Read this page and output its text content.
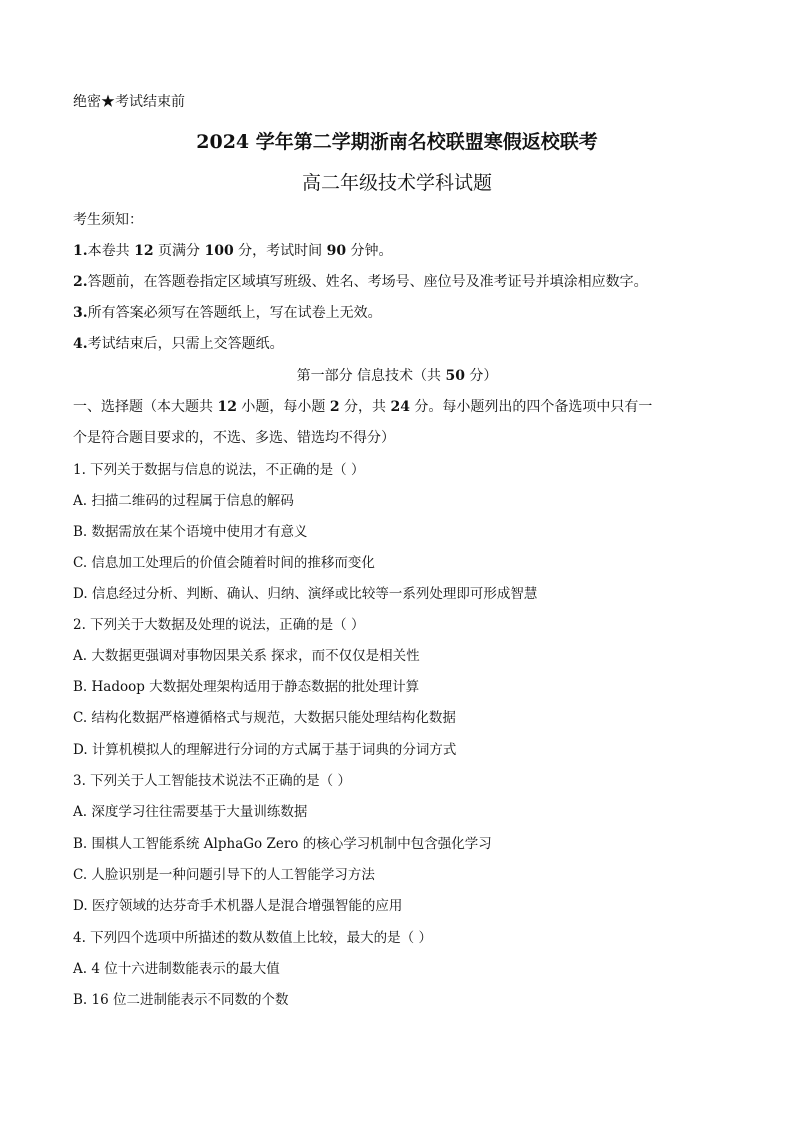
绝密★考试结束前
2024 学年第二学期浙南名校联盟寒假返校联考
高二年级技术学科试题
考生须知：
1.本卷共 12 页满分 100 分，考试时间 90 分钟。
2.答题前，在答题卷指定区域填写班级、姓名、考场号、座位号及准考证号并填涂相应数字。
3.所有答案必须写在答题纸上，写在试卷上无效。
4.考试结束后，只需上交答题纸。
第一部分 信息技术（共 50 分）
一、选择题（本大题共 12 小题，每小题 2 分，共 24 分。每小题列出的四个备选项中只有一
个是符合题目要求的，不选、多选、错选均不得分）
1. 下列关于数据与信息的说法，不正确的是（ ）
A. 扫描二维码的过程属于信息的解码
B. 数据需放在某个语境中使用才有意义
C. 信息加工处理后的价值会随着时间的推移而变化
D. 信息经过分析、判断、确认、归纳、演绎或比较等一系列处理即可形成智慧
2. 下列关于大数据及处理的说法，正确的是（ ）
A. 大数据更强调对事物因果关系 探求，而不仅仅是相关性
B. Hadoop 大数据处理架构适用于静态数据的批处理计算
C. 结构化数据严格遵循格式与规范，大数据只能处理结构化数据
D. 计算机模拟人的理解进行分词的方式属于基于词典的分词方式
3. 下列关于人工智能技术说法不正确的是（ ）
A. 深度学习往往需要基于大量训练数据
B. 围棋人工智能系统 AlphaGo Zero 的核心学习机制中包含强化学习
C. 人脸识别是一种问题引导下的人工智能学习方法
D. 医疗领域的达芬奇手术机器人是混合增强智能的应用
4. 下列四个选项中所描述的数从数值上比较，最大的是（ ）
A. 4 位十六进制数能表示的最大值
B. 16 位二进制能表示不同数的个数
